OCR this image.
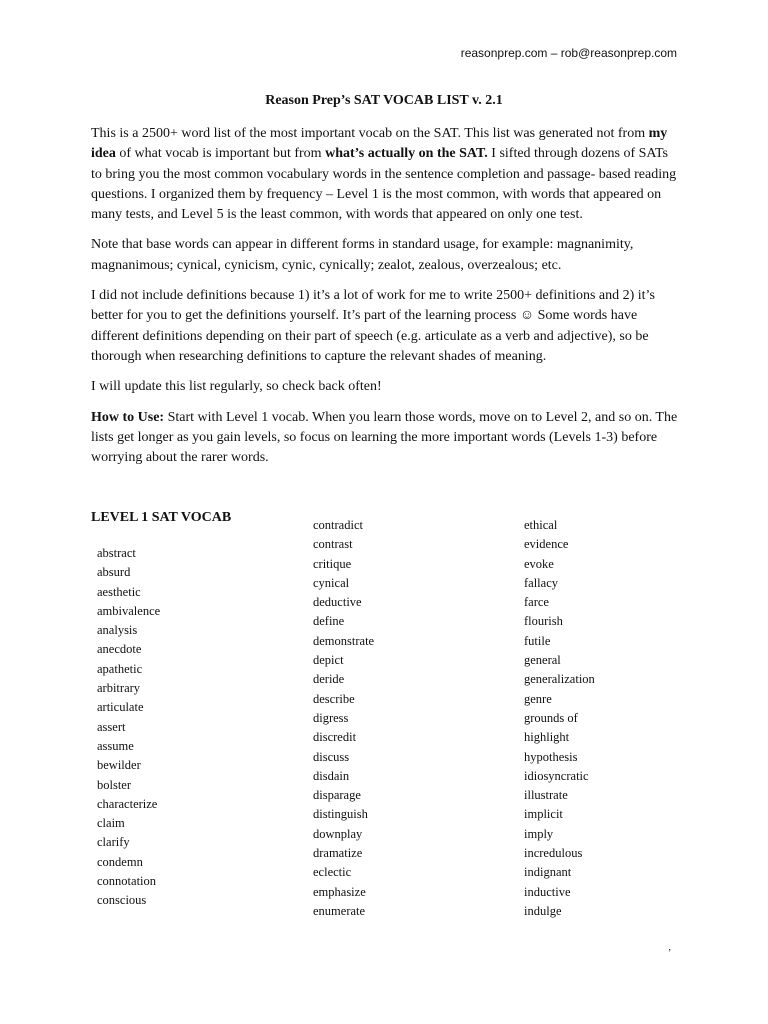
reasonprep.com – rob@reasonprep.com
Reason Prep’s SAT VOCAB LIST v. 2.1

This is a 2500+ word list of the most important vocab on the SAT. This list was generated not from my idea of what vocab is important but from what’s actually on the SAT. I sifted through dozens of SATs to bring you the most common vocabulary words in the sentence completion and passage- based reading questions. I organized them by frequency – Level 1 is the most common, with words that appeared on many tests, and Level 5 is the least common, with words that appeared on only one test.

Note that base words can appear in different forms in standard usage, for example: magnanimity, magnanimous; cynical, cynicism, cynic, cynically; zealot, zealous, overzealous; etc.

I did not include definitions because 1) it’s a lot of work for me to write 2500+ definitions and 2) it’s better for you to get the definitions yourself. It’s part of the learning process ☺ Some words have different definitions depending on their part of speech (e.g. articulate as a verb and adjective), so be thorough when researching definitions to capture the relevant shades of meaning.

I will update this list regularly, so check back often!

How to Use: Start with Level 1 vocab. When you learn those words, move on to Level 2, and so on. The lists get longer as you gain levels, so focus on learning the more important words (Levels 1-3) before worrying about the rarer words.

LEVEL 1 SAT VOCAB
abstract
absurd
aesthetic
ambivalence
analysis
anecdote
apathetic
arbitrary
articulate
assert
assume
bewilder
bolster
characterize
claim
clarify
condemn
connotation
conscious
contradict
contrast
critique
cynical
deductive
define
demonstrate
depict
deride
describe
digress
discredit
discuss
disdain
disparage
distinguish
downplay
dramatize
eclectic
emphasize
enumerate
ethical
evidence
evoke
fallacy
farce
flourish
futile
general
generalization
genre
grounds of
highlight
hypothesis
idiosyncratic
illustrate
implicit
imply
incredulous
indignant
inductive
indulge
’
